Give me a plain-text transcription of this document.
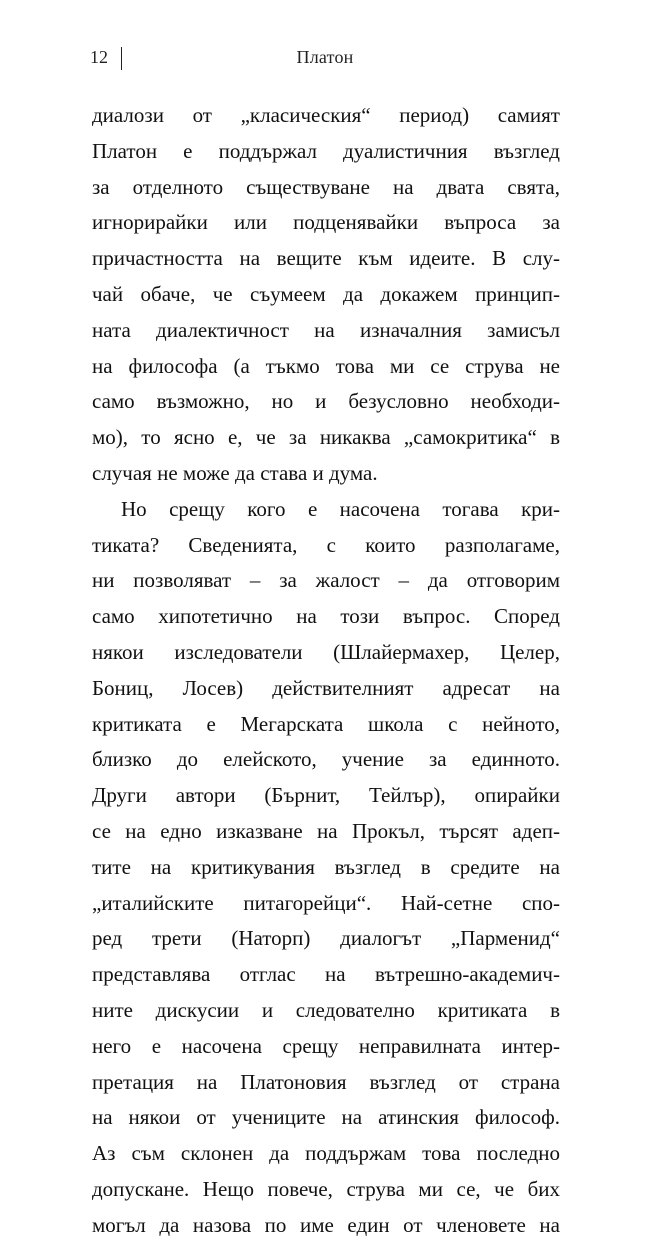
12	Платон
диалози от „класическия“ период) самият
Платон е поддържал дуалистичния възглед
за отделното съществуване на двата свята,
игнорирайки или подценявайки въпроса за
причастността на вещите към идеите. В слу-
чай обаче, че съумеем да докажем принцип-
ната диалектичност на изначалния замисъл
на философа (а тъкмо това ми се струва не
само възможно, но и безусловно необходи-
мо), то ясно е, че за никаква „самокритика“ в
случая не може да става и дума.
Но срещу кого е насочена тогава кри-
тиката? Сведенията, с които разполагаме,
ни позволяват – за жалост – да отговорим
само хипотетично на този въпрос. Според
някои изследователи (Шлайермахер, Целер,
Бониц, Лосев) действителният адресат на
критиката е Мегарската школа с нейното,
близко до елейското, учение за единното.
Други автори (Бърнит, Тейлър), опирайки
се на едно изказване на Прокъл, търсят адеп-
тите на критикувания възглед в средите на
„италийските питагорейци“. Най-сетне спо-
ред трети (Наторп) диалогът „Парменид“
представлява отглас на вътрешно-академич-
ните дискусии и следователно критиката в
него е насочена срещу неправилната интер-
претация на Платоновия възглед от страна
на някои от учениците на атинския философ.
Аз съм склонен да поддържам това последно
допускане. Нещо повече, струва ми се, че бих
могъл да назова по име един от членовете на
